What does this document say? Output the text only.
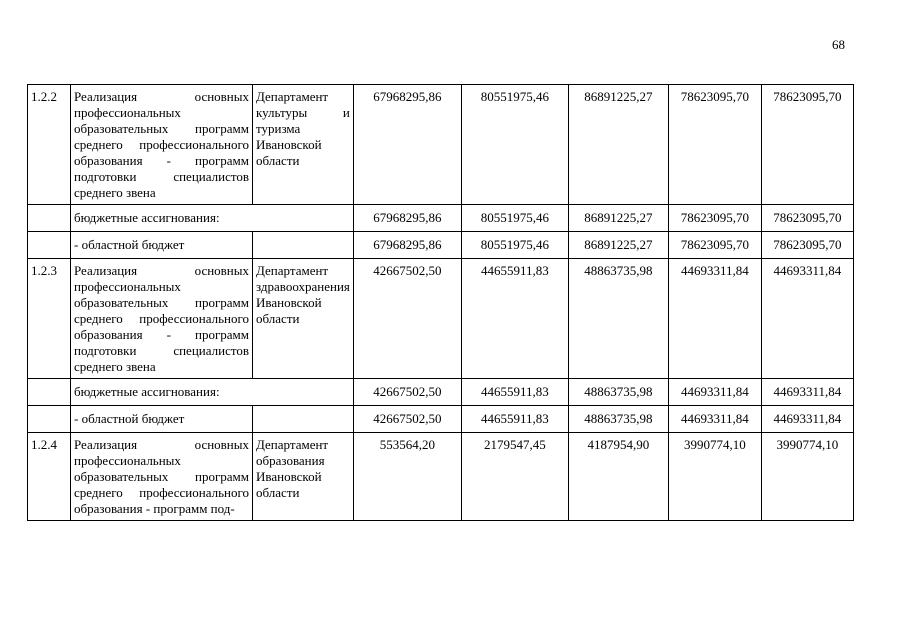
68
1.2.2	Реализация основных профессиональных образовательных программ среднего профессионального образования - программ подготовки специалистов среднего звена	Департамент культуры и туризма Ивановской области	67968295,86	80551975,46	86891225,27	78623095,70	78623095,70
	бюджетные ассигнования:		67968295,86	80551975,46	86891225,27	78623095,70	78623095,70
	- областной бюджет		67968295,86	80551975,46	86891225,27	78623095,70	78623095,70
1.2.3	Реализация основных профессиональных образовательных программ среднего профессионального образования - программ подготовки специалистов среднего звена	Департамент здравоохранения Ивановской области	42667502,50	44655911,83	48863735,98	44693311,84	44693311,84
	бюджетные ассигнования:		42667502,50	44655911,83	48863735,98	44693311,84	44693311,84
	- областной бюджет		42667502,50	44655911,83	48863735,98	44693311,84	44693311,84
1.2.4	Реализация основных профессиональных образовательных программ среднего профессионального образования - программ под-	Департамент образования Ивановской области	553564,20	2179547,45	4187954,90	3990774,10	3990774,10
